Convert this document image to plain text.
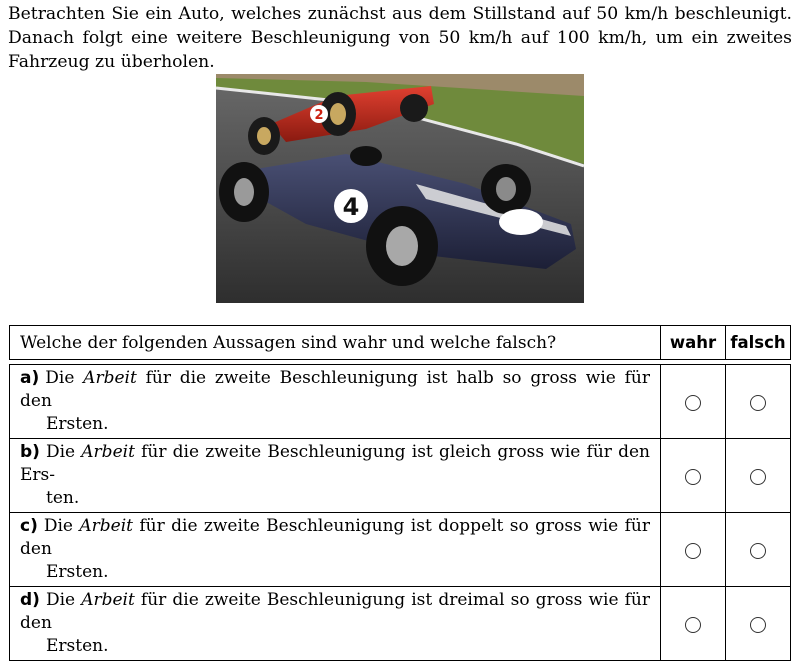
Betrachten Sie ein Auto, welches zunächst aus dem Stillstand auf 50 km/h beschleunigt. Danach folgt eine weitere Beschleunigung von 50 km/h auf 100 km/h, um ein zweites Fahrzeug zu überholen.
2
4
Welche der folgenden Aussagen sind wahr und welche falsch?	wahr	falsch

a) Die Arbeit für die zweite Beschleunigung ist halb so gross wie für den
Ersten.		
b) Die Arbeit für die zweite Beschleunigung ist gleich gross wie für den Ers-
ten.		
c) Die Arbeit für die zweite Beschleunigung ist doppelt so gross wie für den
Ersten.		
d) Die Arbeit für die zweite Beschleunigung ist dreimal so gross wie für den
Ersten.		
